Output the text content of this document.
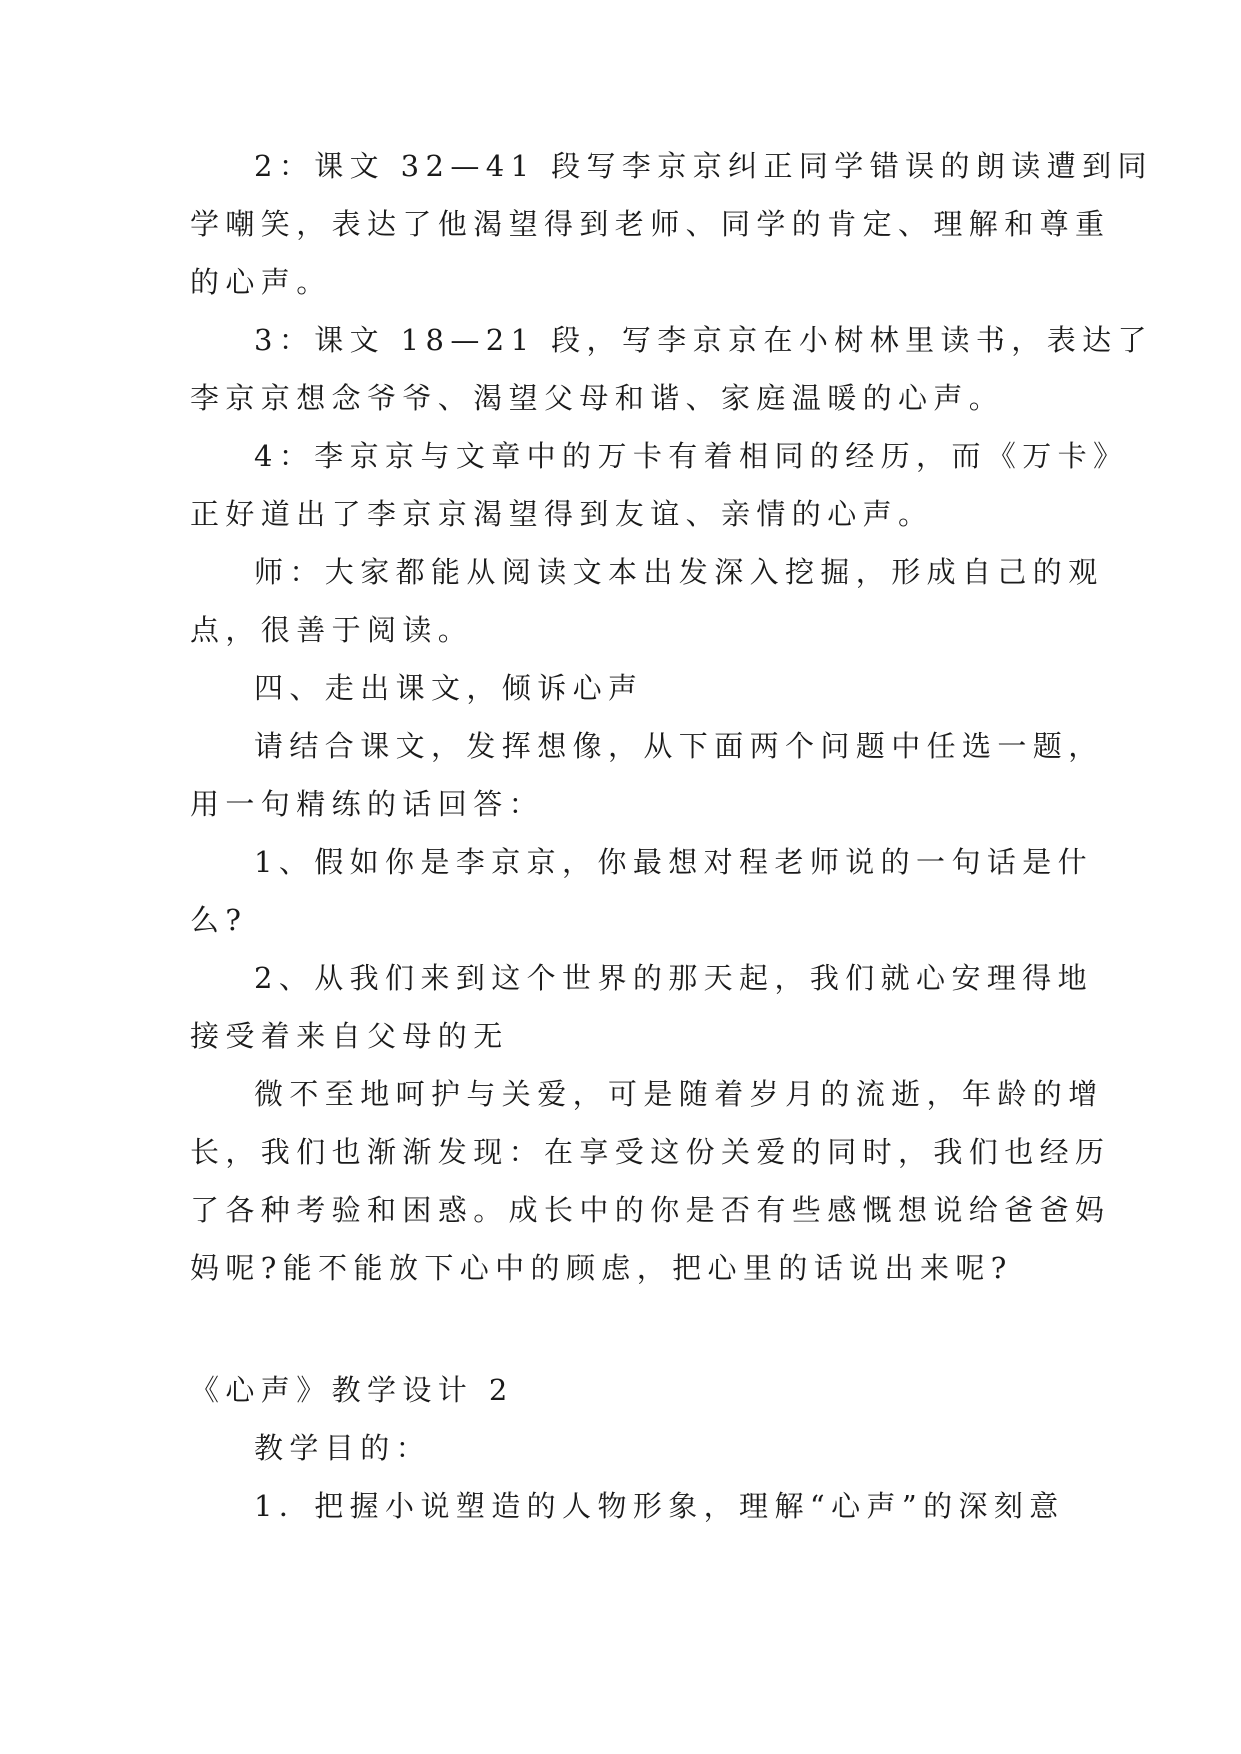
2：课文 32—41 段写李京京纠正同学错误的朗读遭到同
学嘲笑，表达了他渴望得到老师、同学的肯定、理解和尊重
的心声。
3：课文 18—21 段，写李京京在小树林里读书，表达了
李京京想念爷爷、渴望父母和谐、家庭温暖的心声。
4：李京京与文章中的万卡有着相同的经历，而《万卡》
正好道出了李京京渴望得到友谊、亲情的心声。
师：大家都能从阅读文本出发深入挖掘，形成自己的观
点，很善于阅读。
四、走出课文，倾诉心声
请结合课文，发挥想像，从下面两个问题中任选一题，
用一句精练的话回答：
1、假如你是李京京，你最想对程老师说的一句话是什
么?
2、从我们来到这个世界的那天起，我们就心安理得地
接受着来自父母的无
微不至地呵护与关爱，可是随着岁月的流逝，年龄的增
长，我们也渐渐发现：在享受这份关爱的同时，我们也经历
了各种考验和困惑。成长中的你是否有些感慨想说给爸爸妈
妈呢?能不能放下心中的顾虑，把心里的话说出来呢?
《心声》教学设计 2
教学目的：
1．把握小说塑造的人物形象，理解“心声”的深刻意
